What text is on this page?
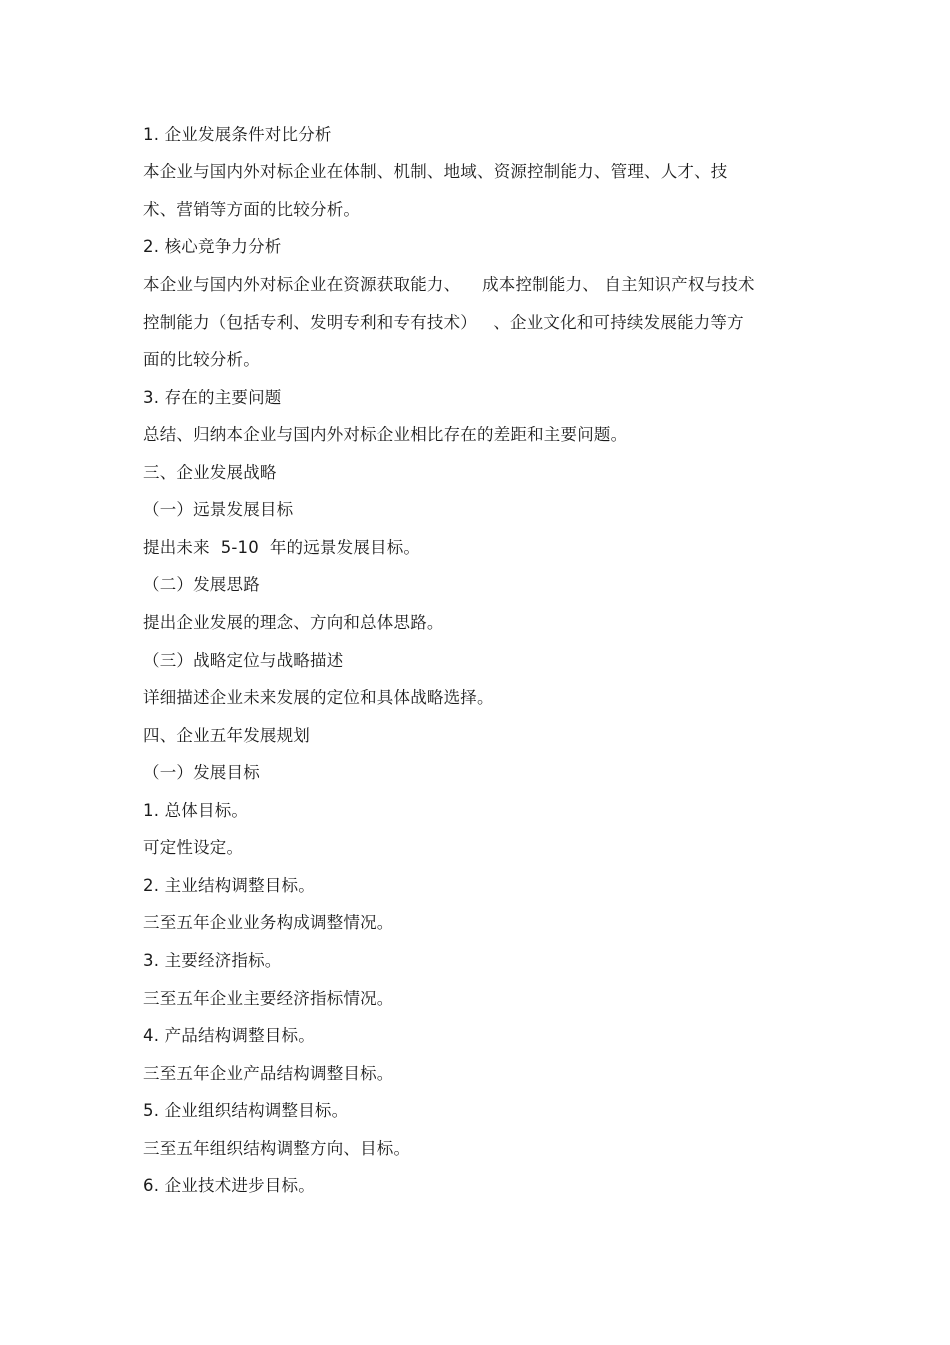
1. 企业发展条件对比分析
本企业与国内外对标企业在体制、机制、地域、资源控制能力、管理、人才、技
术、营销等方面的比较分析。
2. 核心竞争力分析
本企业与国内外对标企业在资源获取能力、    成本控制能力、 自主知识产权与技术
控制能力（包括专利、发明专利和专有技术）   、企业文化和可持续发展能力等方
面的比较分析。
3. 存在的主要问题
总结、归纳本企业与国内外对标企业相比存在的差距和主要问题。
三、企业发展战略
（一）远景发展目标
提出未来  5-10  年的远景发展目标。
（二）发展思路
提出企业发展的理念、方向和总体思路。
（三）战略定位与战略描述
详细描述企业未来发展的定位和具体战略选择。
四、企业五年发展规划
（一）发展目标
1. 总体目标。
可定性设定。
2. 主业结构调整目标。
三至五年企业业务构成调整情况。
3. 主要经济指标。
三至五年企业主要经济指标情况。
4. 产品结构调整目标。
三至五年企业产品结构调整目标。
5. 企业组织结构调整目标。
三至五年组织结构调整方向、目标。
6. 企业技术进步目标。
